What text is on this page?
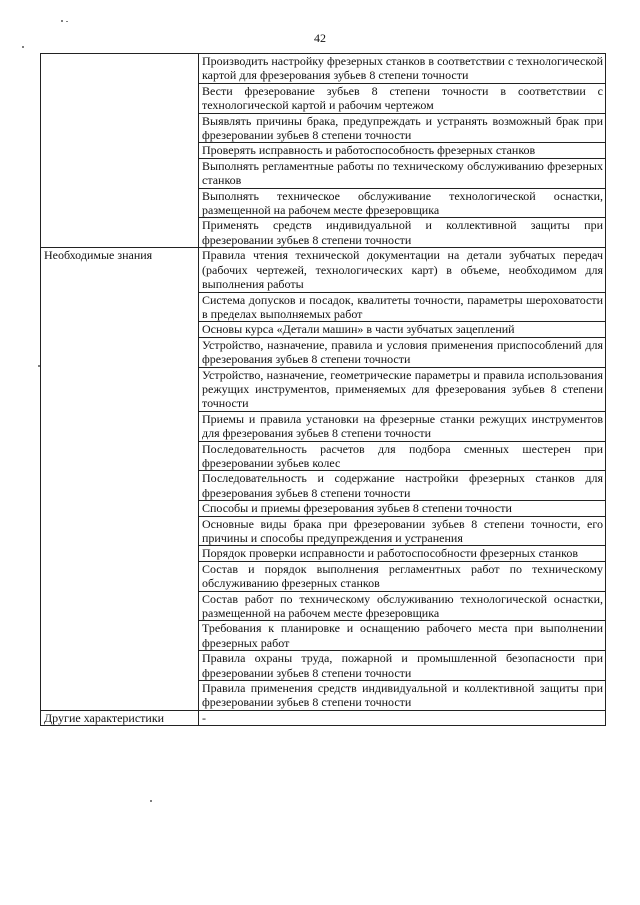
42

	Производить настройку фрезерных станков в соответствии с технологической картой для фрезерования зубьев 8 степени точности

	Вести фрезерование зубьев 8 степени точности в соответствии с технологической картой и рабочим чертежом

	Выявлять причины брака, предупреждать и устранять возможный брак при фрезеровании зубьев 8 степени точности

	Проверять исправность и работоспособность фрезерных станков

	Выполнять регламентные работы по техническому обслуживанию фрезерных станков

	Выполнять техническое обслуживание технологической оснастки, размещенной на рабочем месте фрезеровщика

	Применять средств индивидуальной и коллективной защиты при фрезеровании зубьев 8 степени точности

Необходимые знания	Правила чтения технической документации на детали зубчатых передач (рабочих чертежей, технологических карт) в объеме, необходимом для выполнения работы

	Система допусков и посадок, квалитеты точности, параметры шероховатости в пределах выполняемых работ

	Основы курса «Детали машин» в части зубчатых зацеплений

	Устройство, назначение, правила и условия применения приспособлений для фрезерования зубьев 8 степени точности

	Устройство, назначение, геометрические параметры и правила использования режущих инструментов, применяемых для фрезерования зубьев 8 степени точности

	Приемы и правила установки на фрезерные станки режущих инструментов для фрезерования зубьев 8 степени точности

	Последовательность расчетов для подбора сменных шестерен при фрезеровании зубьев колес

	Последовательность и содержание настройки фрезерных станков для фрезерования зубьев 8 степени точности

	Способы и приемы фрезерования зубьев 8 степени точности

	Основные виды брака при фрезеровании зубьев 8 степени точности, его причины и способы предупреждения и устранения

	Порядок проверки исправности и работоспособности фрезерных станков

	Состав и порядок выполнения регламентных работ по техническому обслуживанию фрезерных станков

	Состав работ по техническому обслуживанию технологической оснастки, размещенной на рабочем месте фрезеровщика

	Требования к планировке и оснащению рабочего места при выполнении фрезерных работ

	Правила охраны труда, пожарной и промышленной безопасности при фрезеровании зубьев 8 степени точности

	Правила применения средств индивидуальной и коллективной защиты при фрезеровании зубьев 8 степени точности

Другие характеристики	-
